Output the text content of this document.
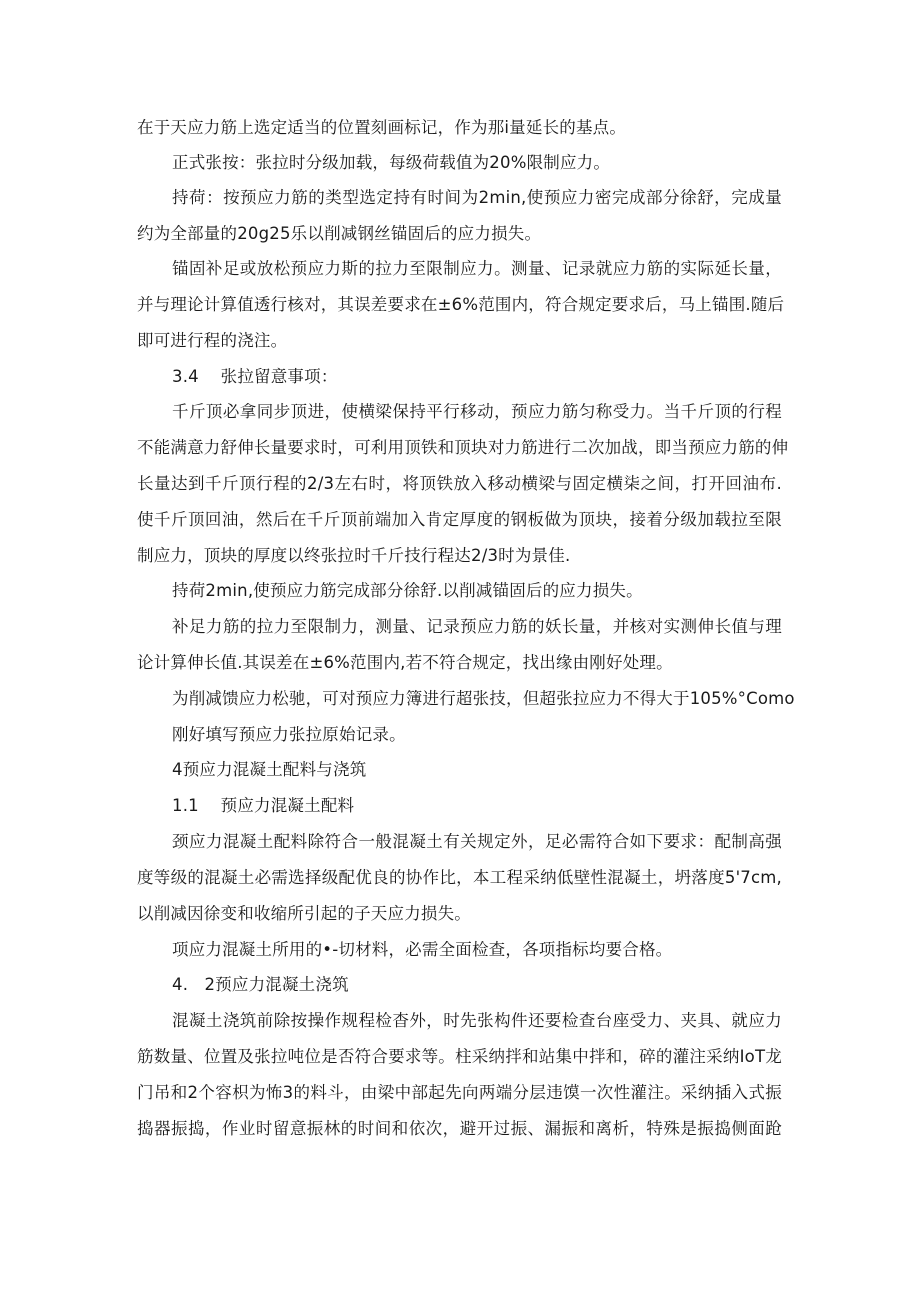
在于天应力筋上选定适当的位置刻画标记，作为那i量延长的基点。
正式张按：张拉时分级加载，每级荷载值为20%限制应力。
持荷：按预应力筋的类型选定持有时间为2min,使预应力密完成部分徐舒，完成量
约为全部量的20g25乐以削减钢丝锚固后的应力损失。
锚固补足或放松预应力斯的拉力至限制应力。测量、记录就应力筋的实际延长量，
并与理论计算值透行核对，其误差要求在±6%范围内，符合规定要求后，马上锚围.随后
即可进行程的浇注。
3.4    张拉留意事项：
千斤顶必拿同步顶进，使横梁保持平行移动，预应力筋匀称受力。当千斤顶的行程
不能满意力舒伸长量要求时，可利用顶铁和顶块对力筋进行二次加战，即当预应力筋的伸
长量达到千斤顶行程的2/3左右时，将顶铁放入移动横梁与固定横柒之间，打开回油布.
使千斤顶回油，然后在千斤顶前端加入肯定厚度的钢板做为顶块，接着分级加载拉至限
制应力，顶块的厚度以终张拉时千斤技行程达2/3时为景佳.
持荷2min,使预应力筋完成部分徐舒.以削减锚固后的应力损失。
补足力筋的拉力至限制力，测量、记录预应力筋的妖长量，并核对实测伸长值与理
论计算伸长值.其误差在±6%范围内,若不符合规定，找出缘由刚好处理。
为削减馈应力松驰，可对预应力簿进行超张技，但超张拉应力不得大于105%°Como
刚好填写预应力张拉原始记录。
4预应力混凝土配料与浇筑
1.1    预应力混凝土配料
颈应力混凝土配料除符合一般混凝土有关规定外，足必需符合如下要求：配制高强
度等级的混凝土必需选择级配优良的协作比，本工程采纳低壁性混凝土，坍落度5'7cm,
以削减因徐变和收缩所引起的子天应力损失。
项应力混凝土所用的•-切材料，必需全面检查，各项指标均要合格。
4.   2预应力混凝土浇筑
混凝土浇筑前除按操作规程检杳外，时先张构件还要检查台座受力、夹具、就应力
筋数量、位置及张拉吨位是否符合要求等。柱采纳拌和站集中拌和，碎的灌注采纳IoT龙
门吊和2个容枳为怖3的料斗，由梁中部起先向两端分层违馍一次性灌注。采纳插入式振
捣器振捣，作业时留意振林的时间和依次，避开过振、漏振和离析，特殊是振捣侧面跄
